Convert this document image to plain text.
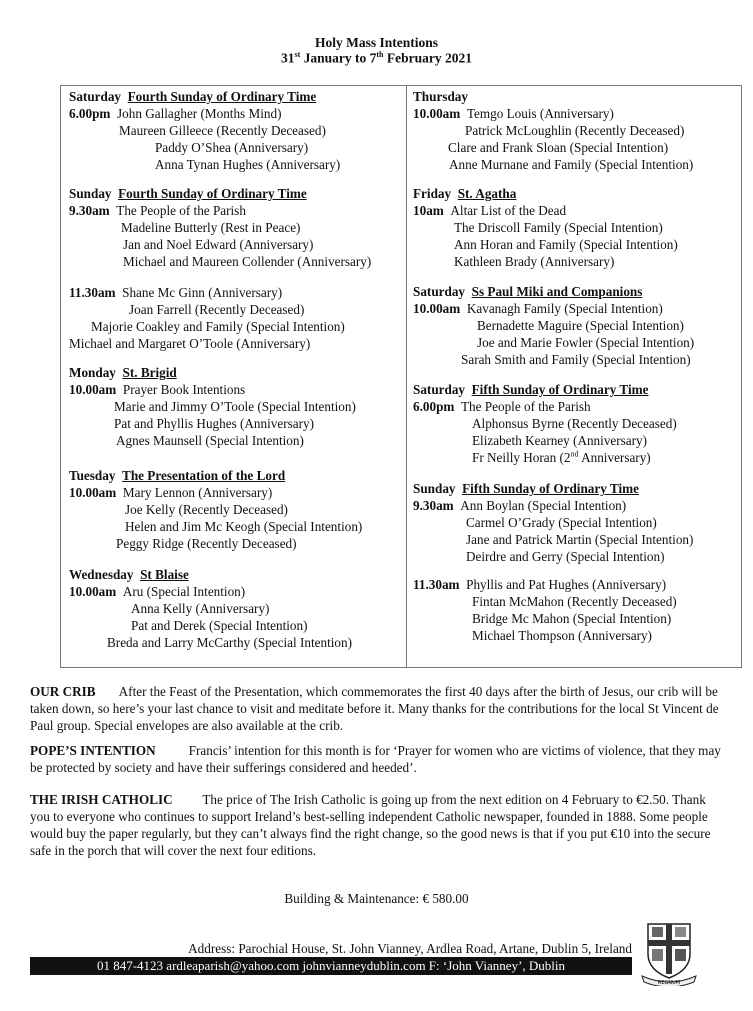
Holy Mass Intentions
31st January to 7th February 2021
Saturday Fourth Sunday of Ordinary Time
6.00pm John Gallagher (Months Mind)
Maureen Gilleece (Recently Deceased)
Paddy O’Shea (Anniversary)
Anna Tynan Hughes (Anniversary)
Sunday Fourth Sunday of Ordinary Time
9.30am The People of the Parish
Madeline Butterly (Rest in Peace)
Jan and Noel Edward (Anniversary)
Michael and Maureen Collender (Anniversary)
11.30am Shane Mc Ginn (Anniversary)
Joan Farrell (Recently Deceased)
Majorie Coakley and Family (Special Intention)
Michael and Margaret O’Toole (Anniversary)
Monday St. Brigid
10.00am Prayer Book Intentions
Marie and Jimmy O’Toole (Special Intention)
Pat and Phyllis Hughes (Anniversary)
Agnes Maunsell (Special Intention)
Tuesday The Presentation of the Lord
10.00am Mary Lennon (Anniversary)
Joe Kelly (Recently Deceased)
Helen and Jim Mc Keogh (Special Intention)
Peggy Ridge (Recently Deceased)
Wednesday St Blaise
10.00am Aru (Special Intention)
Anna Kelly (Anniversary)
Pat and Derek (Special Intention)
Breda and Larry McCarthy (Special Intention)
Thursday
10.00am Temgo Louis (Anniversary)
Patrick McLoughlin (Recently Deceased)
Clare and Frank Sloan (Special Intention)
Anne Murnane and Family (Special Intention)
Friday St. Agatha
10am Altar List of the Dead
The Driscoll Family (Special Intention)
Ann Horan and Family (Special Intention)
Kathleen Brady (Anniversary)
Saturday Ss Paul Miki and Companions
10.00am Kavanagh Family (Special Intention)
Bernadette Maguire (Special Intention)
Joe and Marie Fowler (Special Intention)
Sarah Smith and Family (Special Intention)
Saturday Fifth Sunday of Ordinary Time
6.00pm The People of the Parish
Alphonsus Byrne (Recently Deceased)
Elizabeth Kearney (Anniversary)
Fr Neilly Horan (2nd Anniversary)
Sunday Fifth Sunday of Ordinary Time
9.30am Ann Boylan (Special Intention)
Carmel O’Grady (Special Intention)
Jane and Patrick Martin (Special Intention)
Deirdre and Gerry (Special Intention)
11.30am Phyllis and Pat Hughes (Anniversary)
Fintan McMahon (Recently Deceased)
Bridge Mc Mahon (Special Intention)
Michael Thompson (Anniversary)
OUR CRIB After the Feast of the Presentation, which commemorates the first 40 days after the birth of Jesus, our crib will be taken down, so here’s your last chance to visit and meditate before it. Many thanks for the contributions for the local St Vincent de Paul group. Special envelopes are also available at the crib.
POPE’S INTENTION Francis’ intention for this month is for ‘Prayer for women who are victims of violence, that they may be protected by society and have their sufferings considered and heeded’.
THE IRISH CATHOLIC The price of The Irish Catholic is going up from the next edition on 4 February to €2.50. Thank you to everyone who continues to support Ireland’s best-selling independent Catholic newspaper, founded in 1888. Some people would buy the paper regularly, but they can’t always find the right change, so the good news is that if you put €10 into the secure safe in the porch that will cover the next four editions.
Building & Maintenance: € 580.00
Address: Parochial House, St. John Vianney, Ardlea Road, Artane, Dublin 5, Ireland
01 847-4123 ardleaparish@yahoo.com johnvianneydublin.com F: ‘John Vianney’, Dublin
REGNUM
